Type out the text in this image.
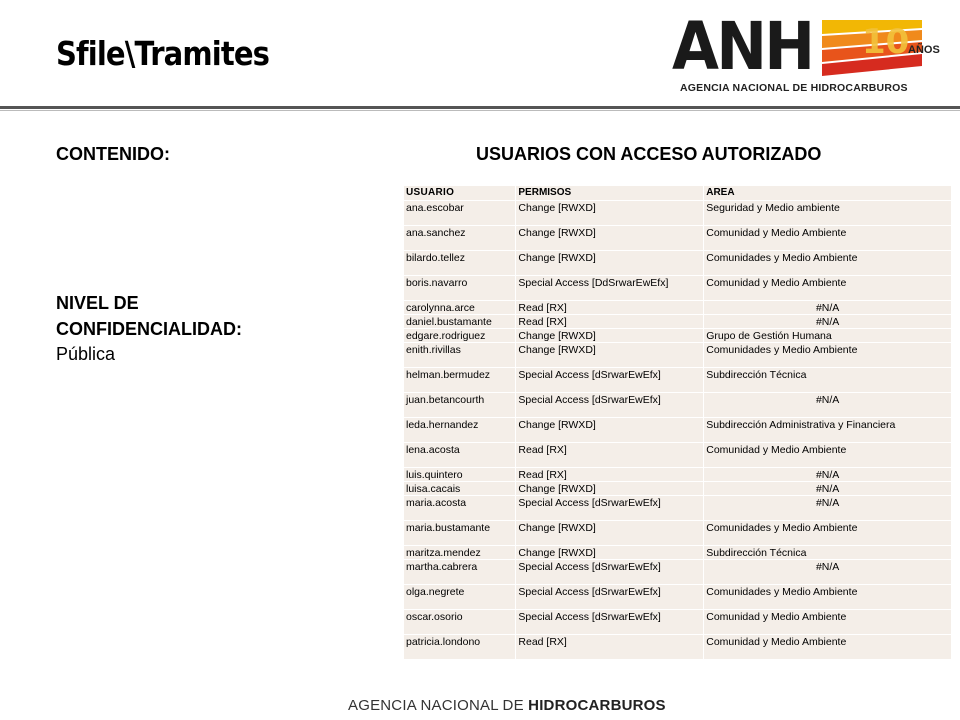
Sfile\Tramites	ANH 10
AÑOS
AGENCIA NACIONAL DE HIDROCARBUROS
CONTENIDO:	USUARIOS CON ACCESO AUTORIZADO
NIVEL DE CONFIDENCIALIDAD:
Pública
USUARIO	PERMISOS	AREA
ana.escobar	Change [RWXD]	Seguridad y Medio ambiente
ana.sanchez	Change [RWXD]	Comunidad y Medio Ambiente
bilardo.tellez	Change [RWXD]	Comunidades y Medio Ambiente
boris.navarro	Special Access [DdSrwarEwEfx]	Comunidad y Medio Ambiente
carolynna.arce	Read [RX]	#N/A
daniel.bustamante	Read [RX]	#N/A
edgare.rodriguez	Change [RWXD]	Grupo de Gestión Humana
enith.rivillas	Change [RWXD]	Comunidades y Medio Ambiente
helman.bermudez	Special Access [dSrwarEwEfx]	Subdirección Técnica
juan.betancourth	Special Access [dSrwarEwEfx]	#N/A
leda.hernandez	Change [RWXD]	Subdirección Administrativa y Financiera
lena.acosta	Read [RX]	Comunidad y Medio Ambiente
luis.quintero	Read [RX]	#N/A
luisa.cacais	Change [RWXD]	#N/A
maria.acosta	Special Access [dSrwarEwEfx]	#N/A
maria.bustamante	Change [RWXD]	Comunidades y Medio Ambiente
maritza.mendez	Change [RWXD]	Subdirección Técnica
martha.cabrera	Special Access [dSrwarEwEfx]	#N/A
olga.negrete	Special Access [dSrwarEwEfx]	Comunidades y Medio Ambiente
oscar.osorio	Special Access [dSrwarEwEfx]	Comunidad y Medio Ambiente
patricia.londono	Read [RX]	Comunidad y Medio Ambiente
AGENCIA NACIONAL DE HIDROCARBUROS
